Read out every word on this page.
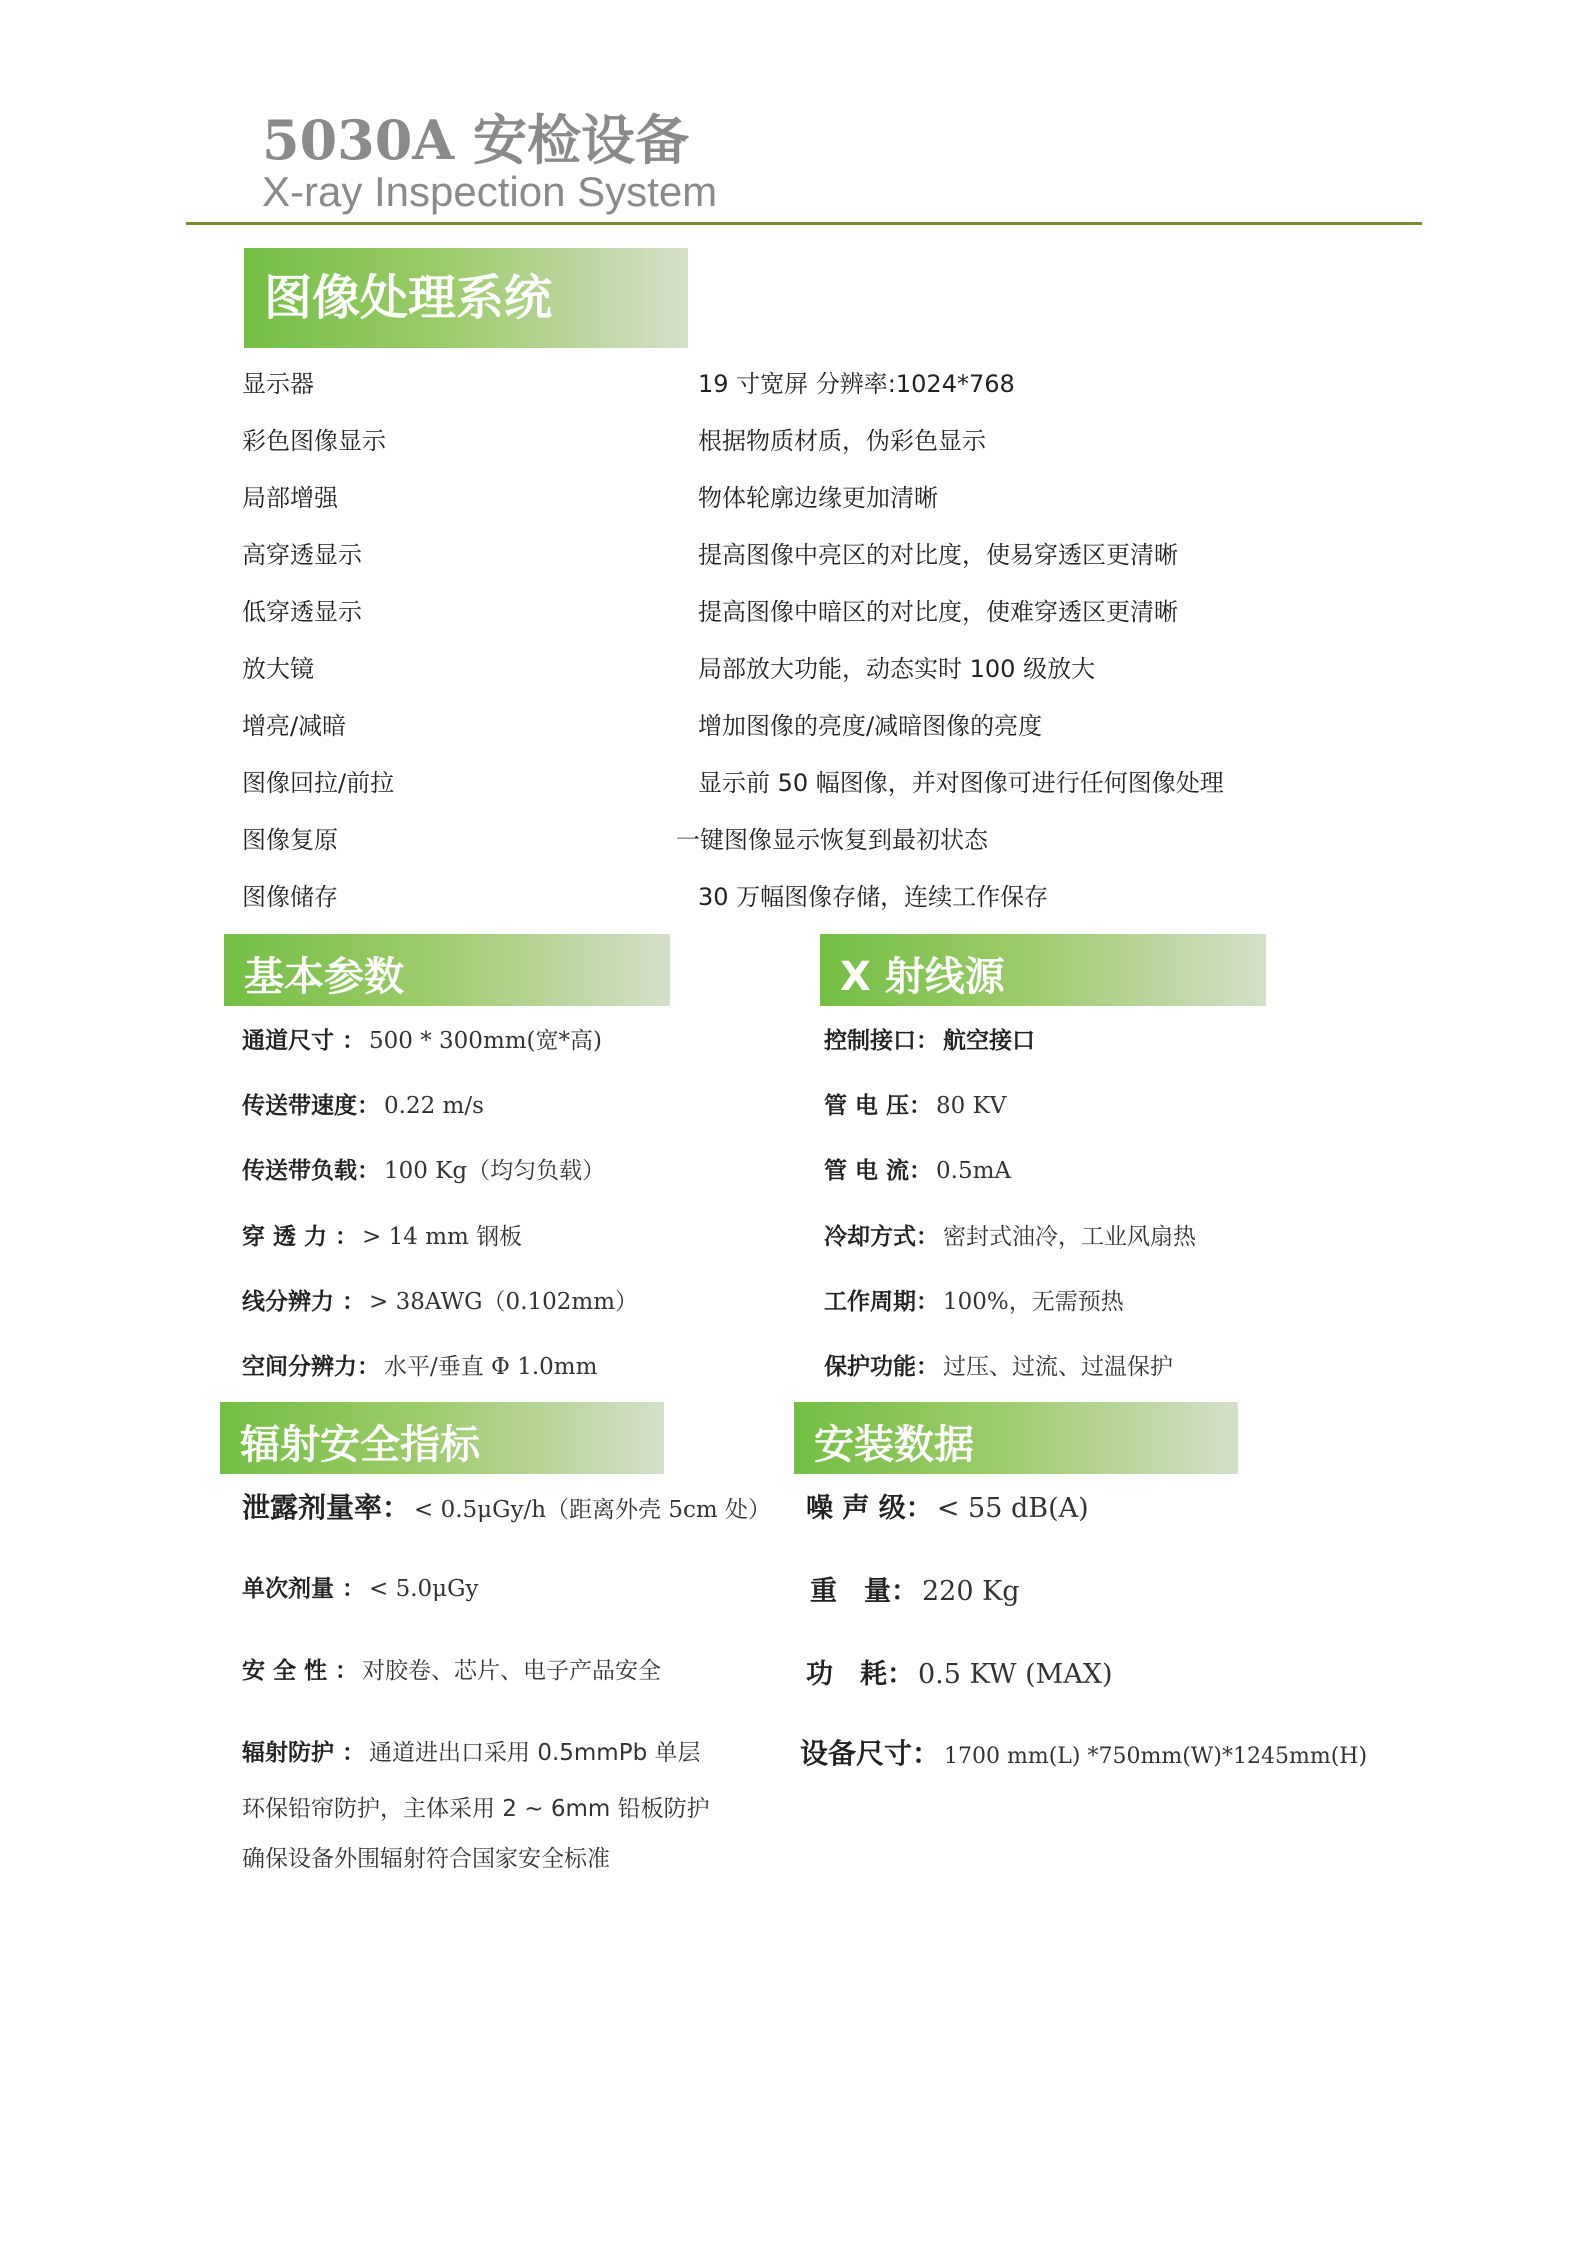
5030A 安检设备
X-ray Inspection System
图像处理系统
显示器	19 寸宽屏 分辨率:1024*768
彩色图像显示	根据物质材质，伪彩色显示
局部增强	物体轮廓边缘更加清晰
高穿透显示	提高图像中亮区的对比度，使易穿透区更清晰
低穿透显示	提高图像中暗区的对比度，使难穿透区更清晰
放大镜	局部放大功能，动态实时 100 级放大
增亮/减暗	增加图像的亮度/减暗图像的亮度
图像回拉/前拉	显示前 50 幅图像，并对图像可进行任何图像处理
图像复原	一键图像显示恢复到最初状态
图像储存	30 万幅图像存储，连续工作保存
基本参数
通道尺寸 ： 500 * 300mm(宽*高)
传送带速度： 0.22 m/s
传送带负载： 100 Kg（均匀负载）
穿 透 力 ： > 14 mm 钢板
线分辨力 ： > 38AWG（0.102mm）
空间分辨力： 水平/垂直 Φ 1.0mm
X 射线源
控制接口： 航空接口
管 电 压： 80 KV
管 电 流： 0.5mA
冷却方式： 密封式油冷，工业风扇热
工作周期： 100%，无需预热
保护功能： 过压、过流、过温保护
辐射安全指标
泄露剂量率： < 0.5μGy/h（距离外壳 5cm 处）
单次剂量 ： < 5.0μGy
安 全 性 ： 对胶卷、芯片、电子产品安全
辐射防护 ： 通道进出口采用 0.5mmPb 单层
环保铅帘防护，主体采用 2 ~ 6mm 铅板防护
确保设备外围辐射符合国家安全标准
安装数据
噪 声 级： < 55 dB(A)
重　量： 220 Kg
功　耗： 0.5 KW (MAX)
设备尺寸： 1700 mm(L) *750mm(W)*1245mm(H)
